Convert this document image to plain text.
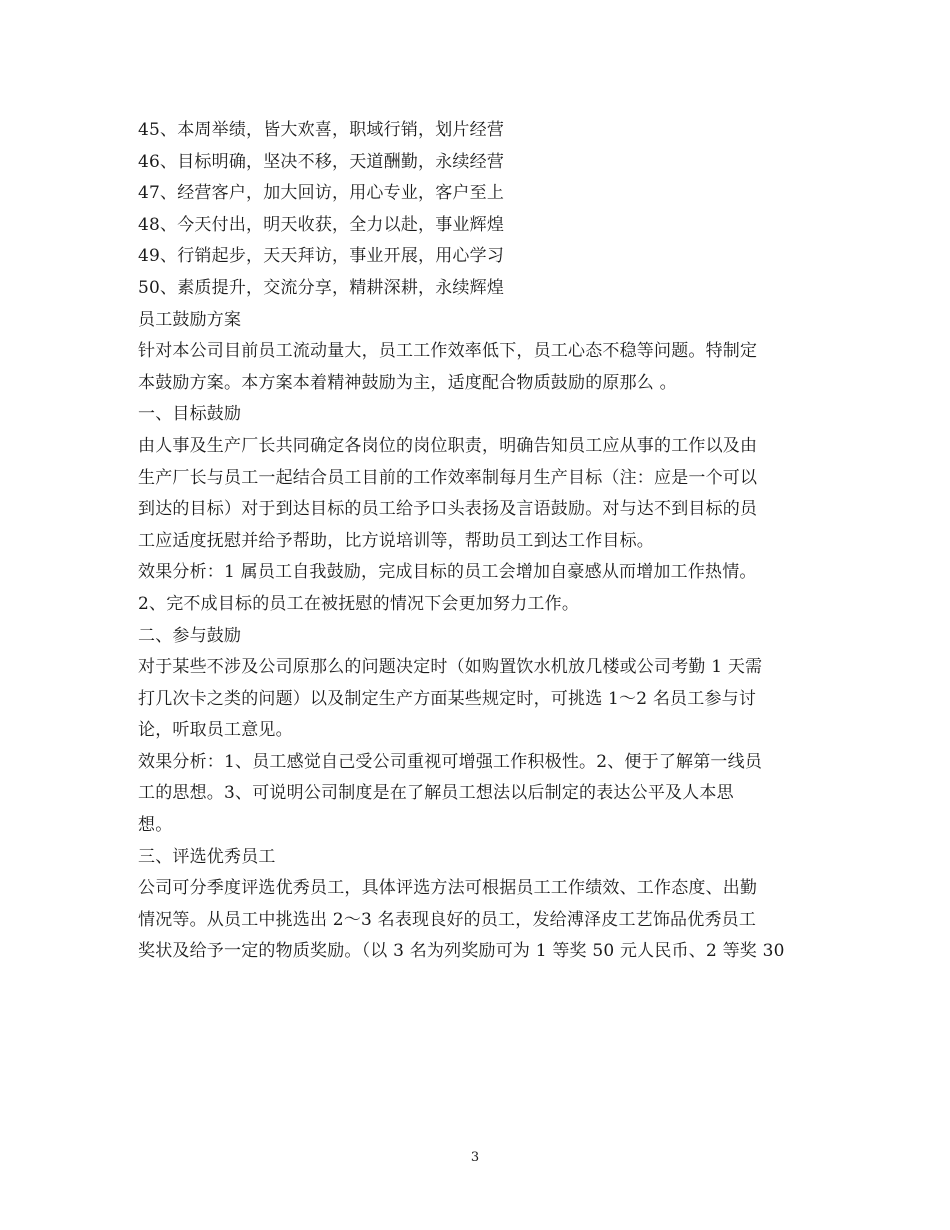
45、本周举绩，皆大欢喜，职域行销，划片经营
46、目标明确，坚决不移，天道酬勤，永续经营
47、经营客户，加大回访，用心专业，客户至上
48、今天付出，明天收获，全力以赴，事业辉煌
49、行销起步，天天拜访，事业开展，用心学习
50、素质提升，交流分享，精耕深耕，永续辉煌
员工鼓励方案
针对本公司目前员工流动量大，员工工作效率低下，员工心态不稳等问题。特制定
本鼓励方案。本方案本着精神鼓励为主，适度配合物质鼓励的原那么 。
一、目标鼓励
由人事及生产厂长共同确定各岗位的岗位职责，明确告知员工应从事的工作以及由
生产厂长与员工一起结合员工目前的工作效率制每月生产目标（注：应是一个可以
到达的目标）对于到达目标的员工给予口头表扬及言语鼓励。对与达不到目标的员
工应适度抚慰并给予帮助，比方说培训等，帮助员工到达工作目标。
效果分析：1 属员工自我鼓励，完成目标的员工会增加自豪感从而增加工作热情。
2、完不成目标的员工在被抚慰的情况下会更加努力工作。
二、参与鼓励
对于某些不涉及公司原那么的问题决定时（如购置饮水机放几楼或公司考勤 1 天需
打几次卡之类的问题）以及制定生产方面某些规定时，可挑选 1～2 名员工参与讨
论，听取员工意见。
效果分析：1、员工感觉自己受公司重视可增强工作积极性。2、便于了解第一线员
工的思想。3、可说明公司制度是在了解员工想法以后制定的表达公平及人本思
想。
三、评选优秀员工
公司可分季度评选优秀员工，具体评选方法可根据员工工作绩效、工作态度、出勤
情况等。从员工中挑选出 2～3 名表现良好的员工，发给溥泽皮工艺饰品优秀员工
奖状及给予一定的物质奖励。（以 3 名为列奖励可为 1 等奖 50 元人民币、2 等奖 30
3
